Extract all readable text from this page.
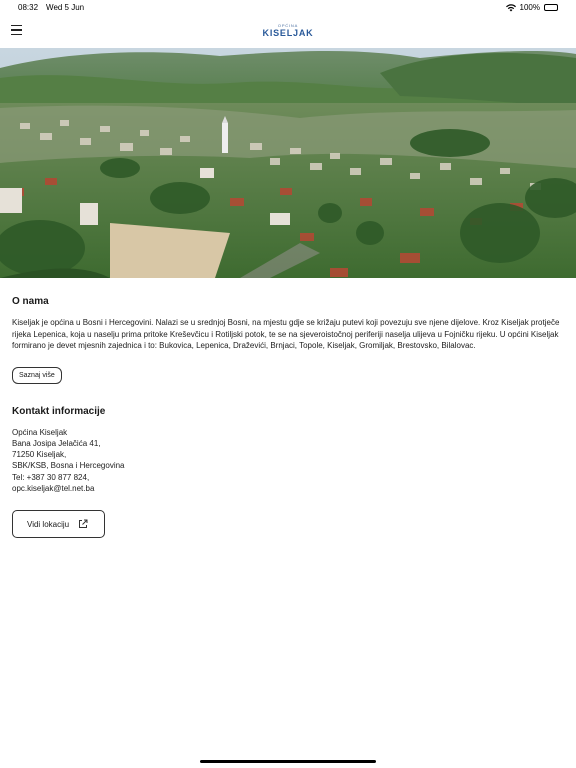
08:32 Wed 5 Jun	100%
OPĆINA
KISELJAK
O nama

Kiseljak je općina u Bosni i Hercegovini. Nalazi se u srednjoj Bosni, na mjestu gdje se križaju putevi koji povezuju sve njene dijelove. Kroz Kiseljak protječe rijeka Lepenica, koja u naselju prima pritoke Kreševčicu i Rotiljski potok, te se na sjeveroistočnoj periferiji naselja ulijeva u Fojničku rijeku. U općini Kiseljak formirano je devet mjesnih zajednica i to: Bukovica, Lepenica, Draževići, Brnjaci, Topole, Kiseljak, Gromiljak, Brestovsko, Bilalovac.

Saznaj više
Kontakt informacije
Općina Kiseljak
Bana Josipa Jelačića 41,
71250 Kiseljak,
SBK/KSB, Bosna i Hercegovina
Tel: +387 30 877 824,
opc.kiseljak@tel.net.ba
Vidi lokaciju
